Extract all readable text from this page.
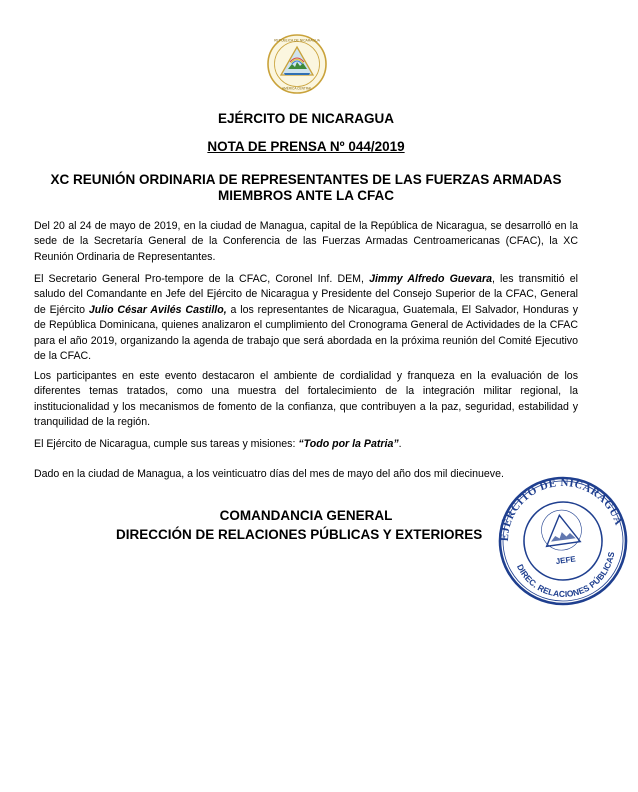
REPÚBLICA DE NICARAGUA
AMÉRICA CENTRAL
EJÉRCITO DE NICARAGUA
NOTA DE PRENSA Nº 044/2019
XC REUNIÓN ORDINARIA DE REPRESENTANTES DE LAS FUERZAS ARMADAS MIEMBROS ANTE LA CFAC

Del 20 al 24 de mayo de 2019, en la ciudad de Managua, capital de la República de Nicaragua, se desarrolló en la sede de la Secretaría General de la Conferencia de las Fuerzas Armadas Centroamericanas (CFAC), la XC Reunión Ordinaria de Representantes.

El Secretario General Pro-tempore de la CFAC, Coronel Inf. DEM, Jimmy Alfredo Guevara, les transmitió el saludo del Comandante en Jefe del Ejército de Nicaragua y Presidente del Consejo Superior de la CFAC, General de Ejército Julio César Avilés Castillo, a los representantes de Nicaragua, Guatemala, El Salvador, Honduras y de República Dominicana, quienes analizaron el cumplimiento del Cronograma General de Actividades de la CFAC para el año 2019, organizando la agenda de trabajo que será abordada en la próxima reunión del Comité Ejecutivo de la CFAC.

Los participantes en este evento destacaron el ambiente de cordialidad y franqueza en la evaluación de los diferentes temas tratados, como una muestra del fortalecimiento de la integración militar regional, la institucionalidad y los mecanismos de fomento de la confianza, que contribuyen a la paz, seguridad, estabilidad y tranquilidad de la región.

El Ejército de Nicaragua, cumple sus tareas y misiones: “Todo por la Patria”.

Dado en la ciudad de Managua, a los veinticuatro días del mes de mayo del año dos mil diecinueve.

COMANDANCIA GENERAL
DIRECCIÓN DE RELACIONES PÚBLICAS Y EXTERIORES	EJÉRCITO DE NICARAGUA
DIREC. RELACIONES PÚBLICAS
JEFE
